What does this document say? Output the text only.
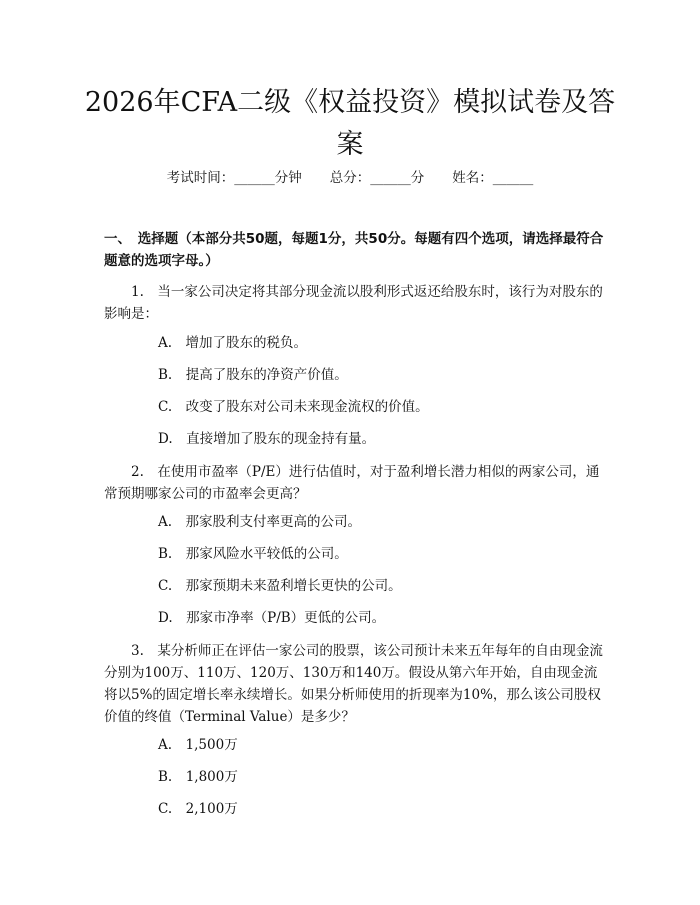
2026年CFA二级《权益投资》模拟试卷及答案
考试时间：______分钟 总分：______分 姓名：______
一、　选择题（本部分共50题，每题1分，共50分。每题有四个选项，请选择最符合题意的选项字母。）
1.　当一家公司决定将其部分现金流以股利形式返还给股东时，该行为对股东的影响是：
A.　增加了股东的税负。
B.　提高了股东的净资产价值。
C.　改变了股东对公司未来现金流权的价值。
D.　直接增加了股东的现金持有量。
2.　在使用市盈率（P/E）进行估值时，对于盈利增长潜力相似的两家公司，通常预期哪家公司的市盈率会更高？
A.　那家股利支付率更高的公司。
B.　那家风险水平较低的公司。
C.　那家预期未来盈利增长更快的公司。
D.　那家市净率（P/B）更低的公司。
3.　某分析师正在评估一家公司的股票，该公司预计未来五年每年的自由现金流分别为100万、110万、120万、130万和140万。假设从第六年开始，自由现金流将以5%的固定增长率永续增长。如果分析师使用的折现率为10%，那么该公司股权价值的终值（Terminal Value）是多少？
A.　1,500万
B.　1,800万
C.　2,100万
